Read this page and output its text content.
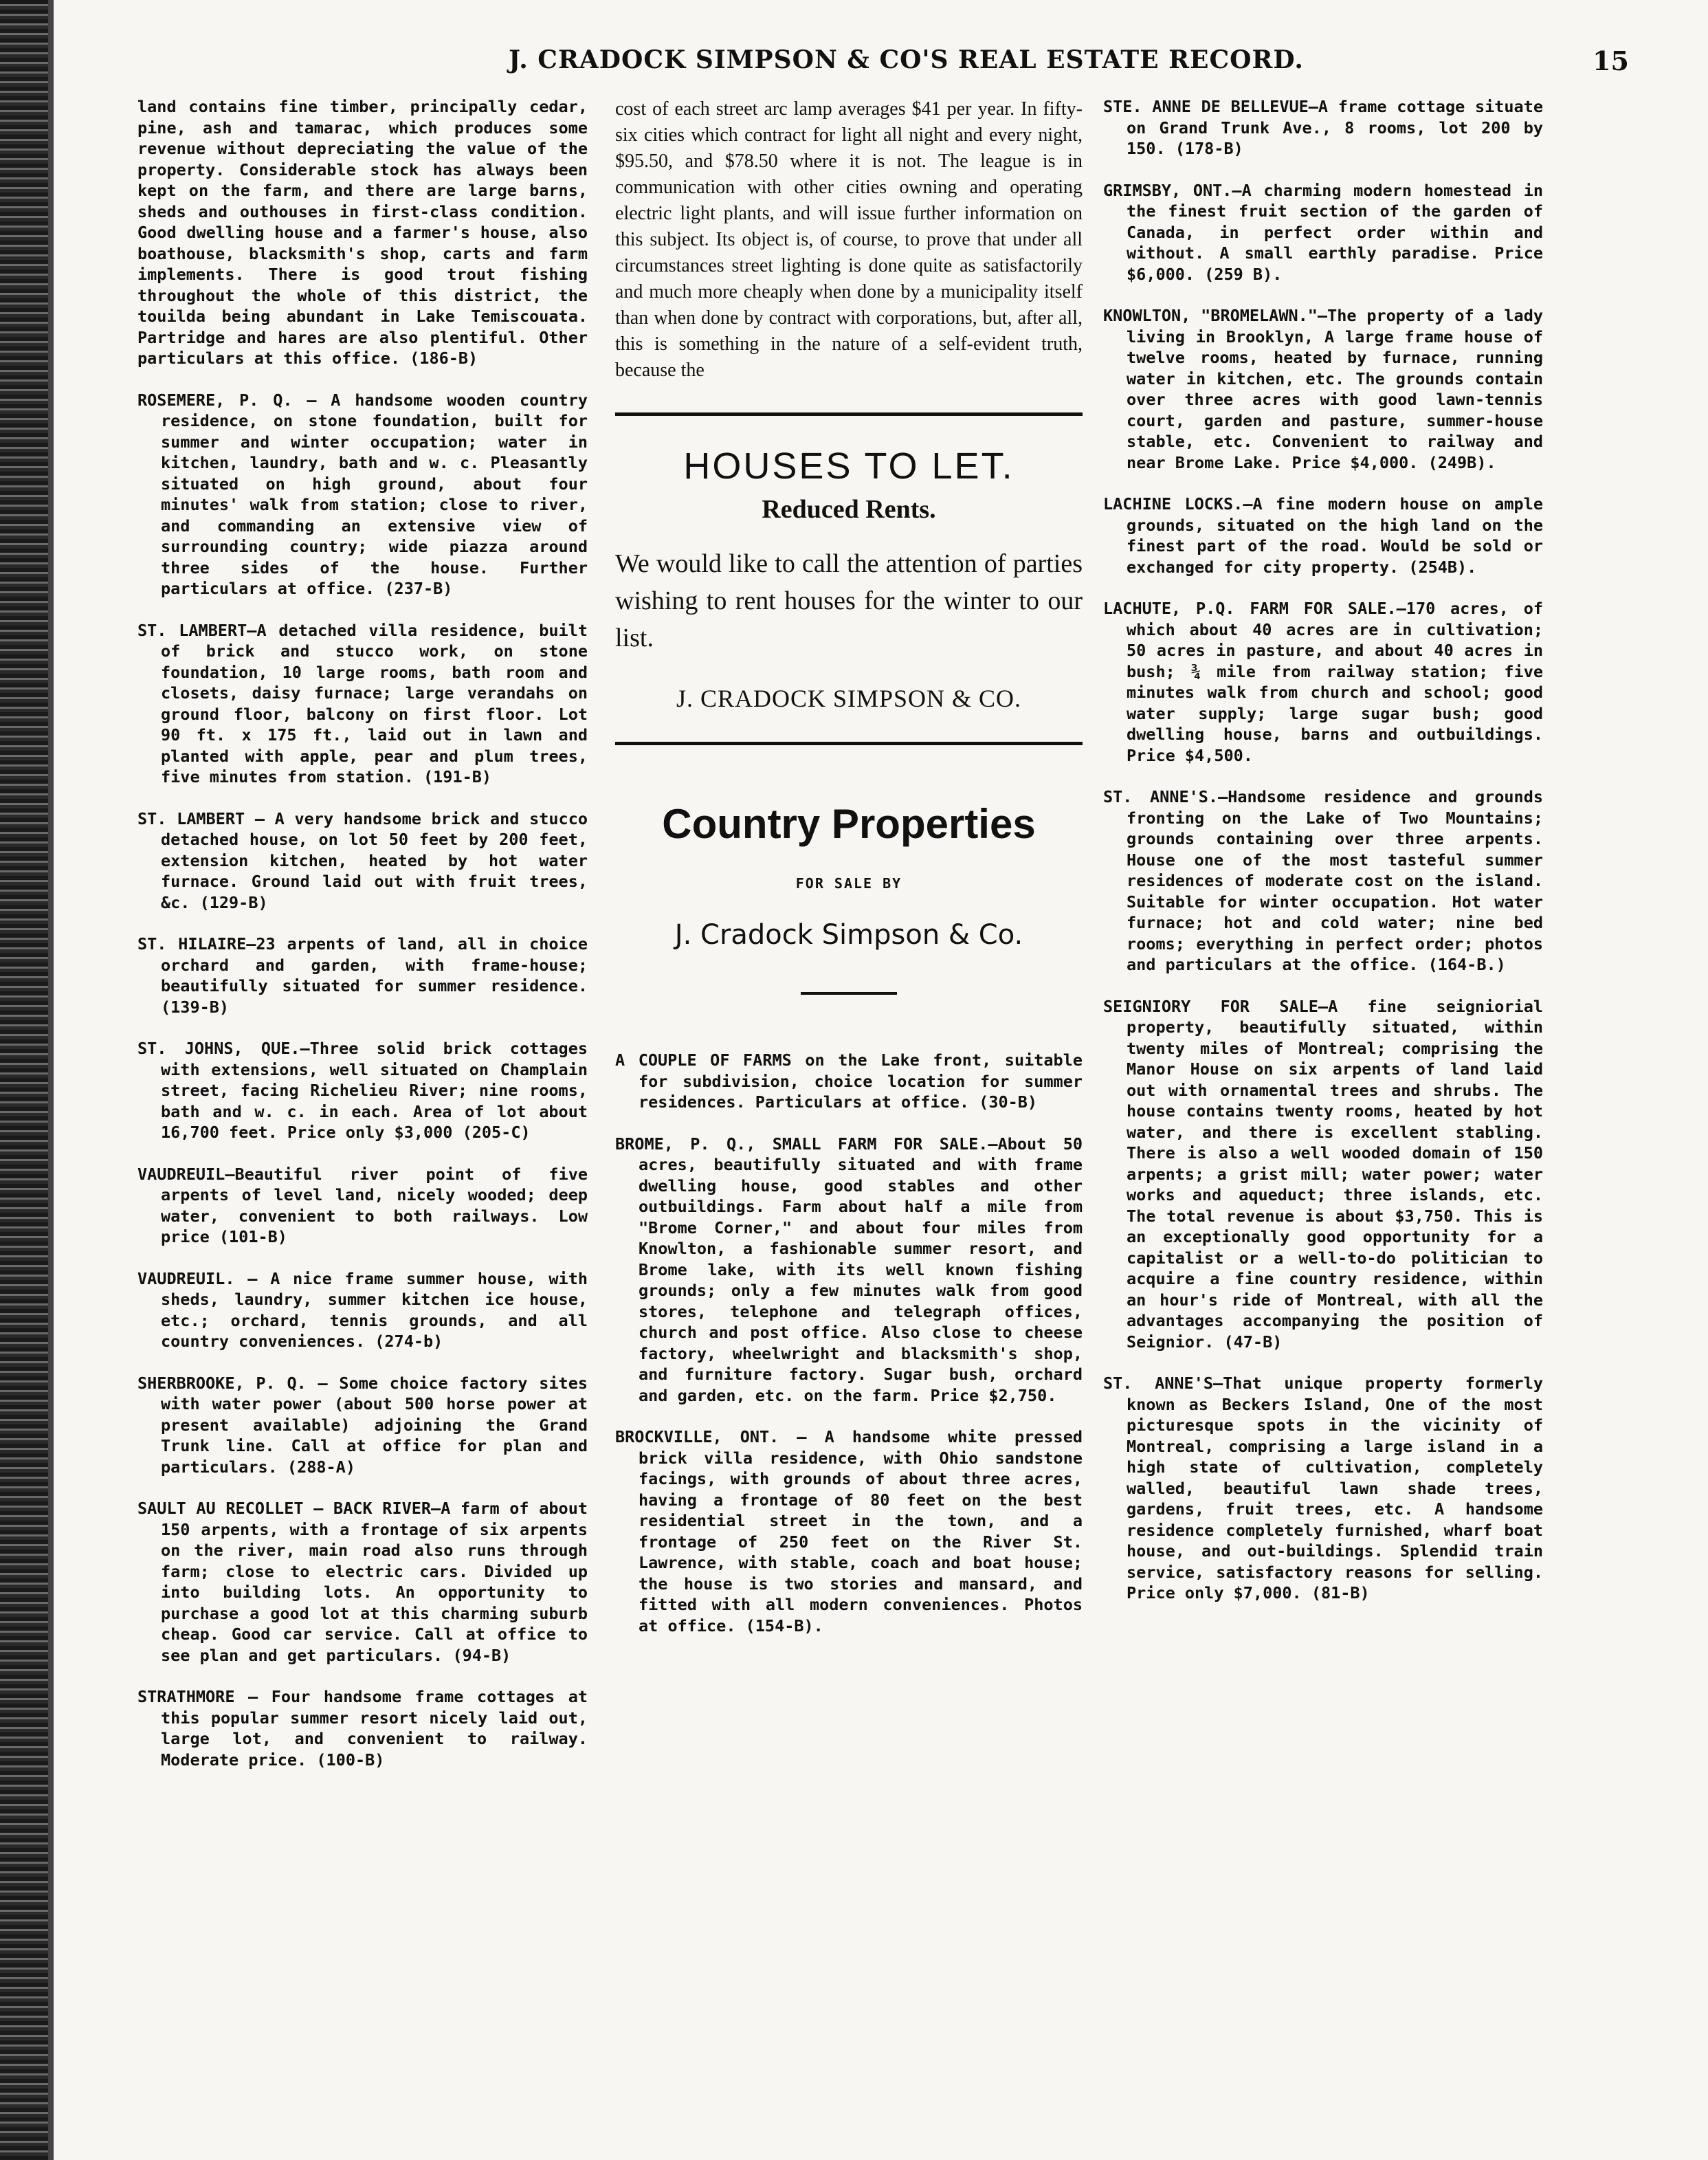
J. CRADOCK SIMPSON & CO'S REAL ESTATE RECORD.	15

land contains fine timber, principally cedar, pine, ash and tamarac, which produces some revenue without depreciating the value of the property. Considerable stock has always been kept on the farm, and there are large barns, sheds and outhouses in first-class condition. Good dwelling house and a farmer's house, also boathouse, blacksmith's shop, carts and farm implements. There is good trout fishing throughout the whole of this district, the touilda being abundant in Lake Temiscouata. Partridge and hares are also plentiful. Other particulars at this office. (186-B)

ROSEMERE, P. Q. — A handsome wooden country residence, on stone foundation, built for summer and winter occupation; water in kitchen, laundry, bath and w. c. Pleasantly situated on high ground, about four minutes' walk from station; close to river, and commanding an extensive view of surrounding country; wide piazza around three sides of the house. Further particulars at office. (237-B)

ST. LAMBERT—A detached villa residence, built of brick and stucco work, on stone foundation, 10 large rooms, bath room and closets, daisy furnace; large verandahs on ground floor, balcony on first floor. Lot 90 ft. x 175 ft., laid out in lawn and planted with apple, pear and plum trees, five minutes from station. (191-B)

ST. LAMBERT — A very handsome brick and stucco detached house, on lot 50 feet by 200 feet, extension kitchen, heated by hot water furnace. Ground laid out with fruit trees, &c. (129-B)

ST. HILAIRE—23 arpents of land, all in choice orchard and garden, with frame-house; beautifully situated for summer residence. (139-B)

ST. JOHNS, QUE.—Three solid brick cottages with extensions, well situated on Champlain street, facing Richelieu River; nine rooms, bath and w. c. in each. Area of lot about 16,700 feet. Price only $3,000 (205-C)

VAUDREUIL—Beautiful river point of five arpents of level land, nicely wooded; deep water, convenient to both railways. Low price (101-B)

VAUDREUIL. — A nice frame summer house, with sheds, laundry, summer kitchen ice house, etc.; orchard, tennis grounds, and all country conveniences. (274-b)

SHERBROOKE, P. Q. — Some choice factory sites with water power (about 500 horse power at present available) adjoining the Grand Trunk line. Call at office for plan and particulars. (288-A)

SAULT AU RECOLLET — BACK RIVER—A farm of about 150 arpents, with a frontage of six arpents on the river, main road also runs through farm; close to electric cars. Divided up into building lots. An opportunity to purchase a good lot at this charming suburb cheap. Good car service. Call at office to see plan and get particulars. (94-B)

STRATHMORE — Four handsome frame cottages at this popular summer resort nicely laid out, large lot, and convenient to railway. Moderate price. (100-B)

cost of each street arc lamp averages $41 per year. In fifty-six cities which contract for light all night and every night, $95.50, and $78.50 where it is not. The league is in communication with other cities owning and operating electric light plants, and will issue further information on this subject. Its object is, of course, to prove that under all circumstances street lighting is done quite as satisfactorily and much more cheaply when done by a municipality itself than when done by contract with corporations, but, after all, this is something in the nature of a self-evident truth, because the

HOUSES TO LET.
Reduced Rents.

We would like to call the attention of parties wishing to rent houses for the winter to our list.

J. CRADOCK SIMPSON & CO.
Country Properties
FOR SALE BY
J. Cradock Simpson & Co.

A COUPLE OF FARMS on the Lake front, suitable for subdivision, choice location for summer residences. Particulars at office. (30-B)

BROME, P. Q., SMALL FARM FOR SALE.—About 50 acres, beautifully situated and with frame dwelling house, good stables and other outbuildings. Farm about half a mile from "Brome Corner," and about four miles from Knowlton, a fashionable summer resort, and Brome lake, with its well known fishing grounds; only a few minutes walk from good stores, telephone and telegraph offices, church and post office. Also close to cheese factory, wheelwright and blacksmith's shop, and furniture factory. Sugar bush, orchard and garden, etc. on the farm. Price $2,750.

BROCKVILLE, ONT. — A handsome white pressed brick villa residence, with Ohio sandstone facings, with grounds of about three acres, having a frontage of 80 feet on the best residential street in the town, and a frontage of 250 feet on the River St. Lawrence, with stable, coach and boat house; the house is two stories and mansard, and fitted with all modern conveniences. Photos at office. (154-B).

STE. ANNE DE BELLEVUE—A frame cottage situate on Grand Trunk Ave., 8 rooms, lot 200 by 150. (178-B)

GRIMSBY, ONT.—A charming modern homestead in the finest fruit section of the garden of Canada, in perfect order within and without. A small earthly paradise. Price $6,000. (259 B).

KNOWLTON, "BROMELAWN."—The property of a lady living in Brooklyn, A large frame house of twelve rooms, heated by furnace, running water in kitchen, etc. The grounds contain over three acres with good lawn-tennis court, garden and pasture, summer-house stable, etc. Convenient to railway and near Brome Lake. Price $4,000. (249B).

LACHINE LOCKS.—A fine modern house on ample grounds, situated on the high land on the finest part of the road. Would be sold or exchanged for city property. (254B).

LACHUTE, P.Q. FARM FOR SALE.—170 acres, of which about 40 acres are in cultivation; 50 acres in pasture, and about 40 acres in bush; ¾ mile from railway station; five minutes walk from church and school; good water supply; large sugar bush; good dwelling house, barns and outbuildings. Price $4,500.

ST. ANNE'S.—Handsome residence and grounds fronting on the Lake of Two Mountains; grounds containing over three arpents. House one of the most tasteful summer residences of moderate cost on the island. Suitable for winter occupation. Hot water furnace; hot and cold water; nine bed rooms; everything in perfect order; photos and particulars at the office. (164-B.)

SEIGNIORY FOR SALE—A fine seigniorial property, beautifully situated, within twenty miles of Montreal; comprising the Manor House on six arpents of land laid out with ornamental trees and shrubs. The house contains twenty rooms, heated by hot water, and there is excellent stabling. There is also a well wooded domain of 150 arpents; a grist mill; water power; water works and aqueduct; three islands, etc. The total revenue is about $3,750. This is an exceptionally good opportunity for a capitalist or a well-to-do politician to acquire a fine country residence, within an hour's ride of Montreal, with all the advantages accompanying the position of Seignior. (47-B)

ST. ANNE'S—That unique property formerly known as Beckers Island, One of the most picturesque spots in the vicinity of Montreal, comprising a large island in a high state of cultivation, completely walled, beautiful lawn shade trees, gardens, fruit trees, etc. A handsome residence completely furnished, wharf boat house, and out-buildings. Splendid train service, satisfactory reasons for selling. Price only $7,000. (81-B)
